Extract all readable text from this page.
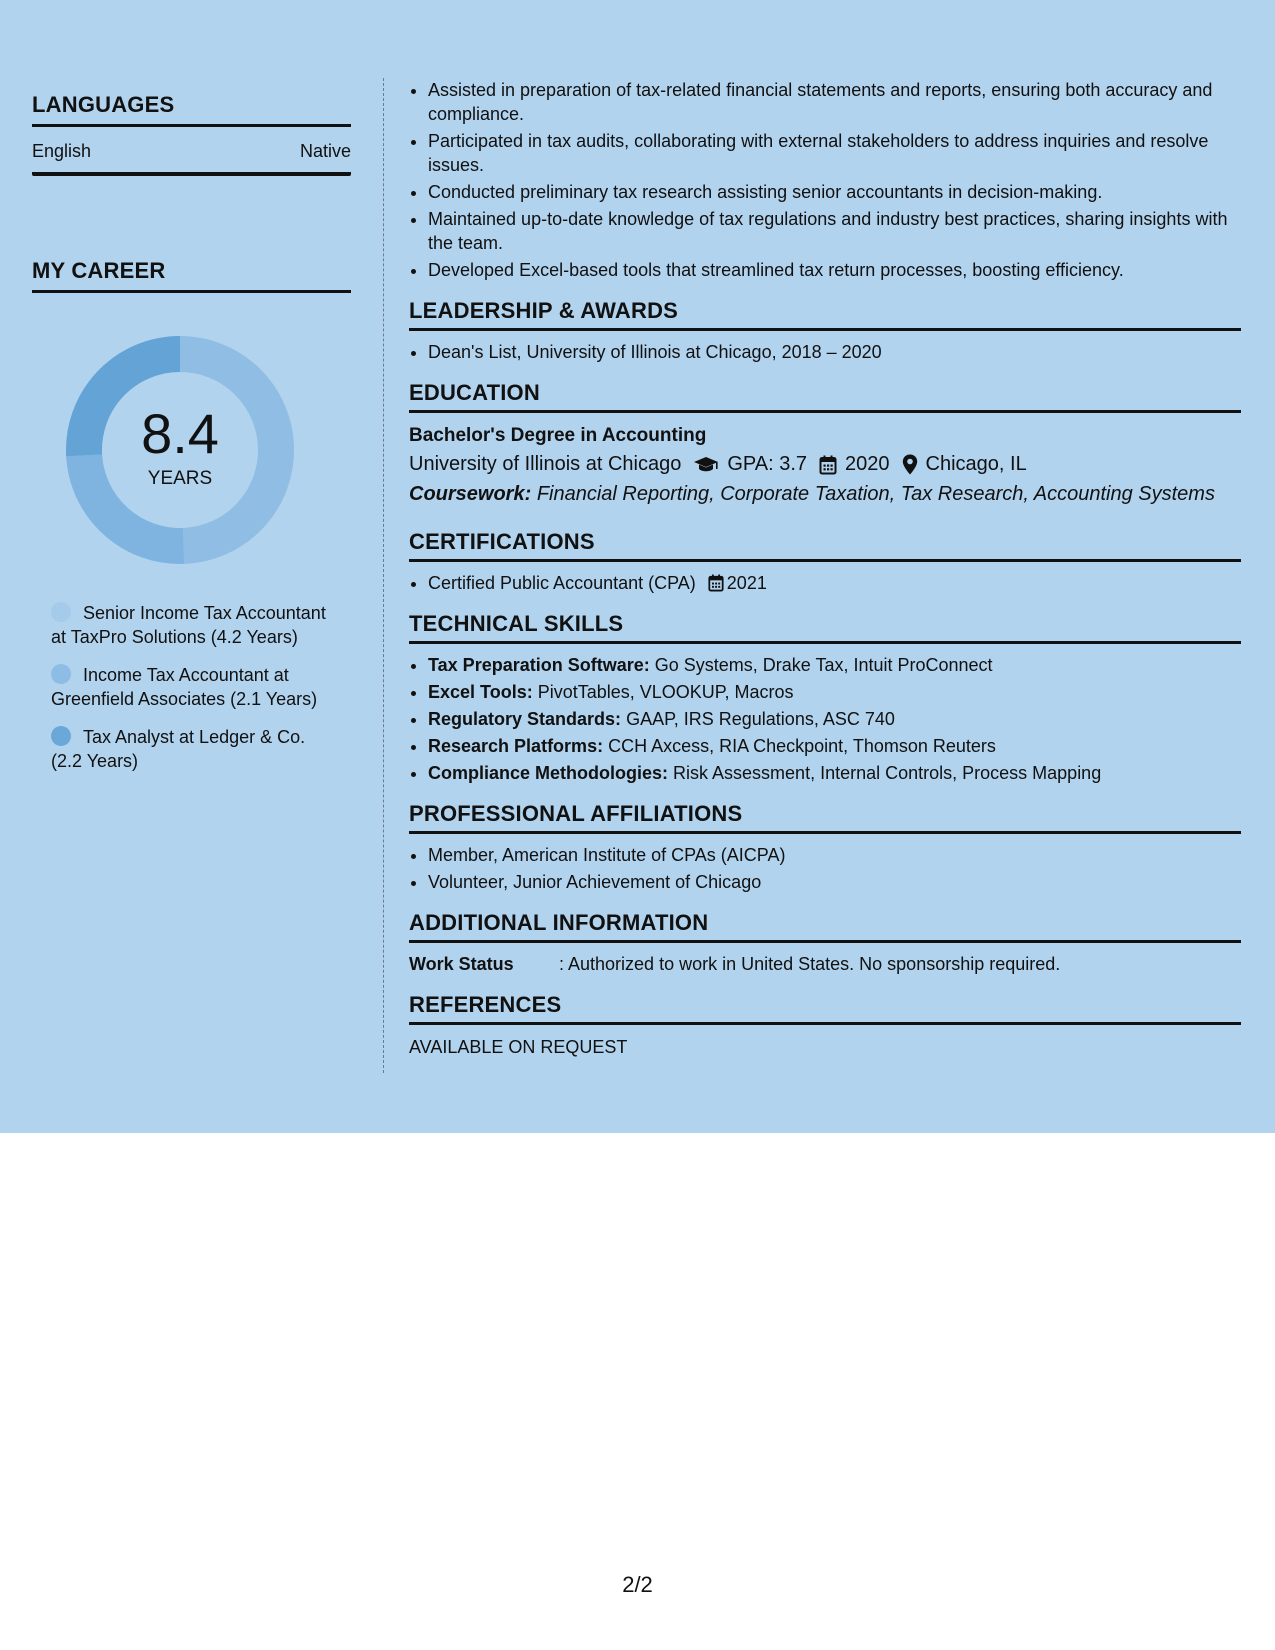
LANGUAGES
English	Native
MY CAREER
8.4
YEARS
Senior Income Tax Accountant at TaxPro Solutions (4.2 Years)
Income Tax Accountant at Greenfield Associates (2.1 Years)
Tax Analyst at Ledger & Co. (2.2 Years)
• Assisted in preparation of tax-related financial statements and reports, ensuring both accuracy and compliance.
• Participated in tax audits, collaborating with external stakeholders to address inquiries and resolve issues.
• Conducted preliminary tax research assisting senior accountants in decision-making.
• Maintained up-to-date knowledge of tax regulations and industry best practices, sharing insights with the team.
• Developed Excel-based tools that streamlined tax return processes, boosting efficiency.
LEADERSHIP & AWARDS
• Dean's List, University of Illinois at Chicago, 2018 – 2020
EDUCATION
Bachelor's Degree in Accounting
University of Illinois at Chicago GPA: 3.7 2020 Chicago, IL
Coursework: Financial Reporting, Corporate Taxation, Tax Research, Accounting Systems
CERTIFICATIONS
• Certified Public Accountant (CPA) 2021
TECHNICAL SKILLS
• Tax Preparation Software: Go Systems, Drake Tax, Intuit ProConnect
• Excel Tools: PivotTables, VLOOKUP, Macros
• Regulatory Standards: GAAP, IRS Regulations, ASC 740
• Research Platforms: CCH Axcess, RIA Checkpoint, Thomson Reuters
• Compliance Methodologies: Risk Assessment, Internal Controls, Process Mapping
PROFESSIONAL AFFILIATIONS
• Member, American Institute of CPAs (AICPA)
• Volunteer, Junior Achievement of Chicago
ADDITIONAL INFORMATION
Work Status	: Authorized to work in United States. No sponsorship required.
REFERENCES
AVAILABLE ON REQUEST
2/2
